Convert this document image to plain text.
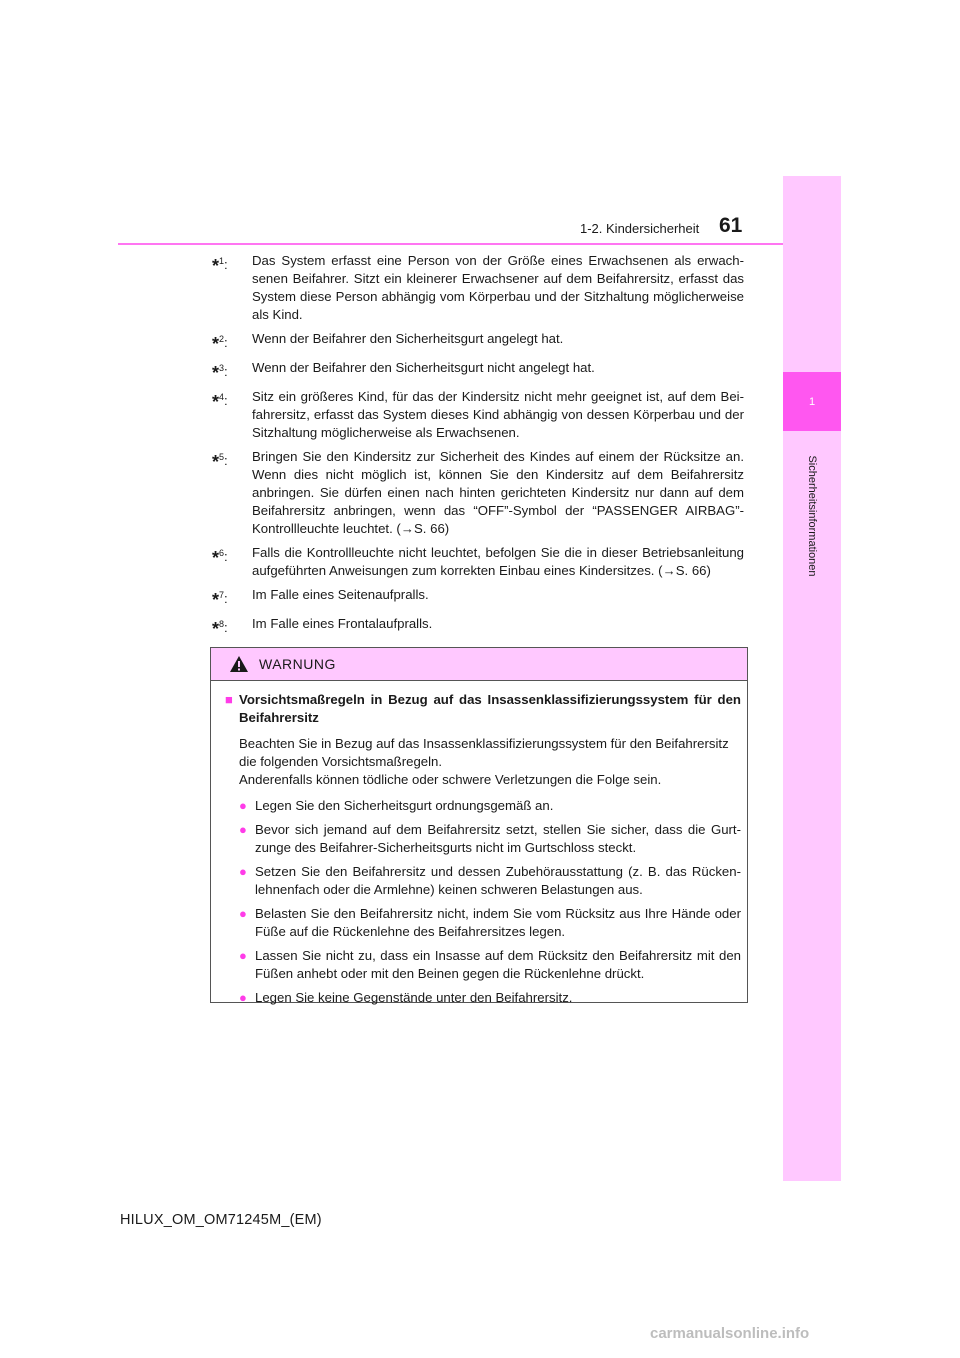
1
Sicherheitsinformationen
1-2. Kindersicherheit 61
*$^1$:	Das System erfasst eine Person von der Größe eines Erwachsenen als erwachsenen Beifahrer. Sitzt ein kleinerer Erwachsener auf dem Beifahrersitz, erfasst das System diese Person abhängig vom Körperbau und der Sitzhaltung möglicherweise als Kind.
*$^2$:	Wenn der Beifahrer den Sicherheitsgurt angelegt hat.
*$^3$:	Wenn der Beifahrer den Sicherheitsgurt nicht angelegt hat.
*$^4$:	Sitz ein größeres Kind, für das der Kindersitz nicht mehr geeignet ist, auf dem Beifahrersitz, erfasst das System dieses Kind abhängig von dessen Körperbau und der Sitzhaltung möglicherweise als Erwachsenen.
*$^5$:	Bringen Sie den Kindersitz zur Sicherheit des Kindes auf einem der Rücksitze an. Wenn dies nicht möglich ist, können Sie den Kindersitz auf dem Beifahrersitz anbringen. Sie dürfen einen nach hinten gerichteten Kindersitz nur dann auf dem Beifahrersitz anbringen, wenn das “OFF”-Symbol der “PASSENGER AIRBAG”-Kontrollleuchte leuchtet. (→S. 66)
*$^6$:	Falls die Kontrollleuchte nicht leuchtet, befolgen Sie die in dieser Betriebsanleitung aufgeführten Anweisungen zum korrekten Einbau eines Kindersitzes. (→S. 66)
*$^7$:	Im Falle eines Seitenaufpralls.
*$^8$:	Im Falle eines Frontalaufpralls.
WARNUNG
■ Vorsichtsmaßregeln in Bezug auf das Insassenklassifizierungssystem für den Beifahrersitz

Beachten Sie in Bezug auf das Insassenklassifizierungssystem für den Beifahrersitz die folgenden Vorsichtsmaßregeln.
Anderenfalls können tödliche oder schwere Verletzungen die Folge sein.

● Legen Sie den Sicherheitsgurt ordnungsgemäß an.
● Bevor sich jemand auf dem Beifahrersitz setzt, stellen Sie sicher, dass die Gurtzunge des Beifahrer-Sicherheitsgurts nicht im Gurtschloss steckt.
● Setzen Sie den Beifahrersitz und dessen Zubehörausstattung (z. B. das Rückenlehnenfach oder die Armlehne) keinen schweren Belastungen aus.
● Belasten Sie den Beifahrersitz nicht, indem Sie vom Rücksitz aus Ihre Hände oder Füße auf die Rückenlehne des Beifahrersitzes legen.
● Lassen Sie nicht zu, dass ein Insasse auf dem Rücksitz den Beifahrersitz mit den Füßen anhebt oder mit den Beinen gegen die Rückenlehne drückt.
● Legen Sie keine Gegenstände unter den Beifahrersitz.
HILUX_OM_OM71245M_(EM)
carmanualsonline.info
